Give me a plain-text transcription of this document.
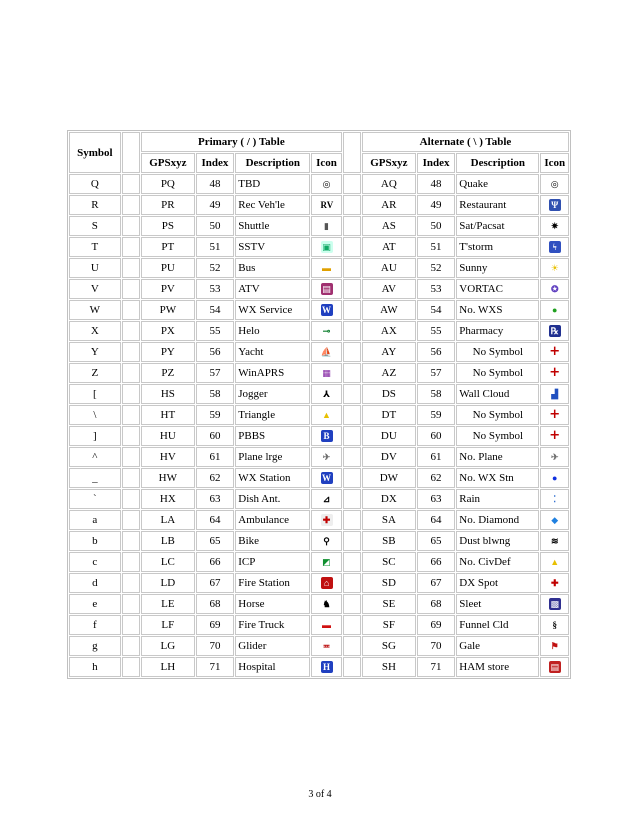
Symbol		Primary ( / ) Table					Alternate ( \ ) Table			
		GPSxyz	Index	Description	Icon		GPSxyz	Index	Description	Icon
Q		PQ	48	TBD	◎		AQ	48	Quake	◎
R		PR	49	Rec Veh'le	RV		AR	49	Restaurant	Ψ
S		PS	50	Shuttle	▮		AS	50	Sat/Pacsat	✷
T		PT	51	SSTV	▣		AT	51	T'storm	ϟ
U		PU	52	Bus	▬		AU	52	Sunny	☀
V		PV	53	ATV	▤		AV	53	VORTAC	✪
W		PW	54	WX Service	W		AW	54	No. WXS	●
X		PX	55	Helo	⊸		AX	55	Pharmacy	℞
Y		PY	56	Yacht	⛵		AY	56	No Symbol	+
Z		PZ	57	WinAPRS	▦		AZ	57	No Symbol	+
[		HS	58	Jogger	⅄		DS	58	Wall Cloud	▟
\		HT	59	Triangle	▲		DT	59	No Symbol	+
]		HU	60	PBBS	B		DU	60	No Symbol	+
^		HV	61	Plane lrge	✈		DV	61	No. Plane	✈
_		HW	62	WX Station	W		DW	62	No. WX Stn	●
`		HX	63	Dish Ant.	⊿		DX	63	Rain	⁚
a		LA	64	Ambulance	✚		SA	64	No. Diamond	◆
b		LB	65	Bike	⚲		SB	65	Dust blwng	≋
c		LC	66	ICP	◩		SC	66	No. CivDef	▲
d		LD	67	Fire Station	⌂		SD	67	DX Spot	✚
e		LE	68	Horse	♞		SE	68	Sleet	▩
f		LF	69	Fire Truck	▬		SF	69	Funnel Cld	§
g		LG	70	Glider	≖		SG	70	Gale	⚑
h		LH	71	Hospital	H		SH	71	HAM store	▤
3 of 4
